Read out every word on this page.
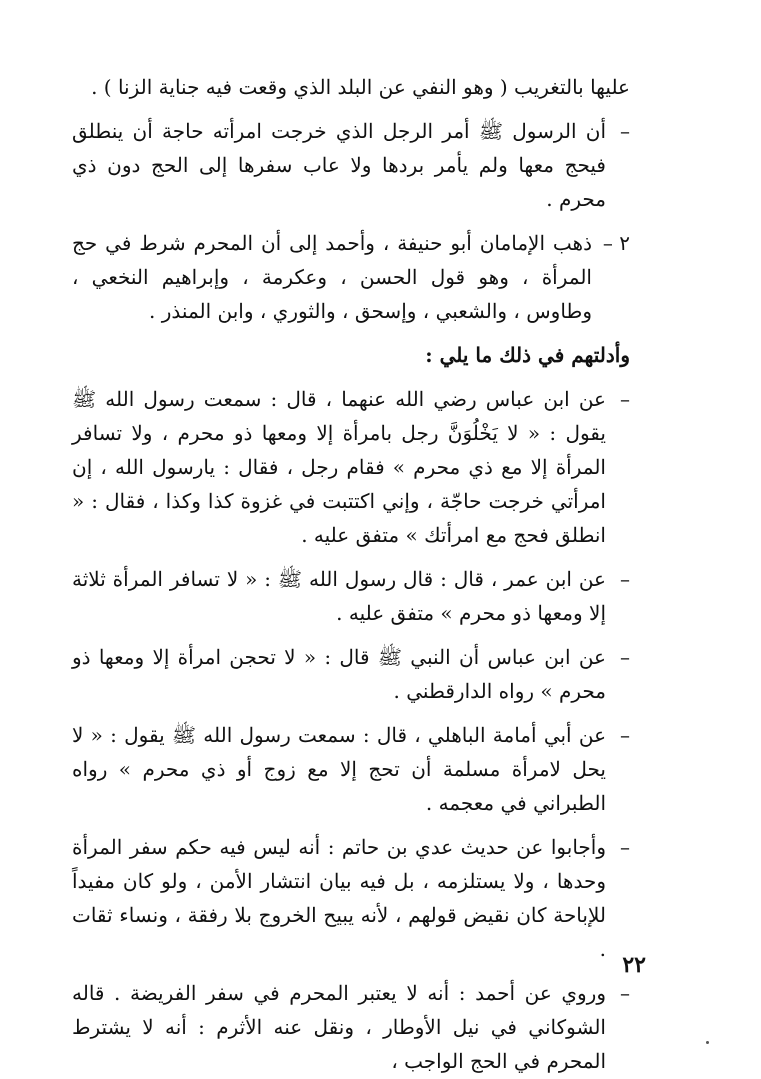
عليها بالتغريب ( وهو النفي عن البلد الذي وقعت فيه جناية الزنا ) .

–
أن الرسول ﷺ أمر الرجل الذي خرجت امرأته حاجة أن ينطلق فيحج معها ولم يأمر بردها ولا عاب سفرها إلى الحج دون ذي محرم .
٢ –
ذهب الإمامان أبو حنيفة ، وأحمد إلى أن المحرم شرط في حج المرأة ، وهو قول الحسن ، وعكرمة ، وإبراهيم النخعي ، وطاوس ، والشعبي ، وإسحق ، والثوري ، وابن المنذر .

وأدلتهم في ذلك ما يلي :

–
عن ابن عباس رضي الله عنهما ، قال : سمعت رسول الله ﷺ يقول : « لا يَخْلُوَنَّ رجل بامرأة إلا ومعها ذو محرم ، ولا تسافر المرأة إلا مع ذي محرم » فقام رجل ، فقال : يارسول الله ، إن امرأتي خرجت حاجّة ، وإني اكتتبت في غزوة كذا وكذا ، فقال : « انطلق فحج مع امرأتك » متفق عليه .
–
عن ابن عمر ، قال : قال رسول الله ﷺ : « لا تسافر المرأة ثلاثة إلا ومعها ذو محرم » متفق عليه .
–
عن ابن عباس أن النبي ﷺ قال : « لا تحجن امرأة إلا ومعها ذو محرم » رواه الدارقطني .
–
عن أبي أمامة الباهلي ، قال : سمعت رسول الله ﷺ يقول : « لا يحل لامرأة مسلمة أن تحج إلا مع زوج أو ذي محرم » رواه الطبراني في معجمه .
–
وأجابوا عن حديث عدي بن حاتم : أنه ليس فيه حكم سفر المرأة وحدها ، ولا يستلزمه ، بل فيه بيان انتشار الأمن ، ولو كان مفيداً للإباحة كان نقيض قولهم ، لأنه يبيح الخروج بلا رفقة ، ونساء ثقات .
–
وروي عن أحمد : أنه لا يعتبر المحرم في سفر الفريضة . قاله الشوكاني في نيل الأوطار ، ونقل عنه الأثرم : أنه لا يشترط المحرم في الحج الواجب ،
٢٢
